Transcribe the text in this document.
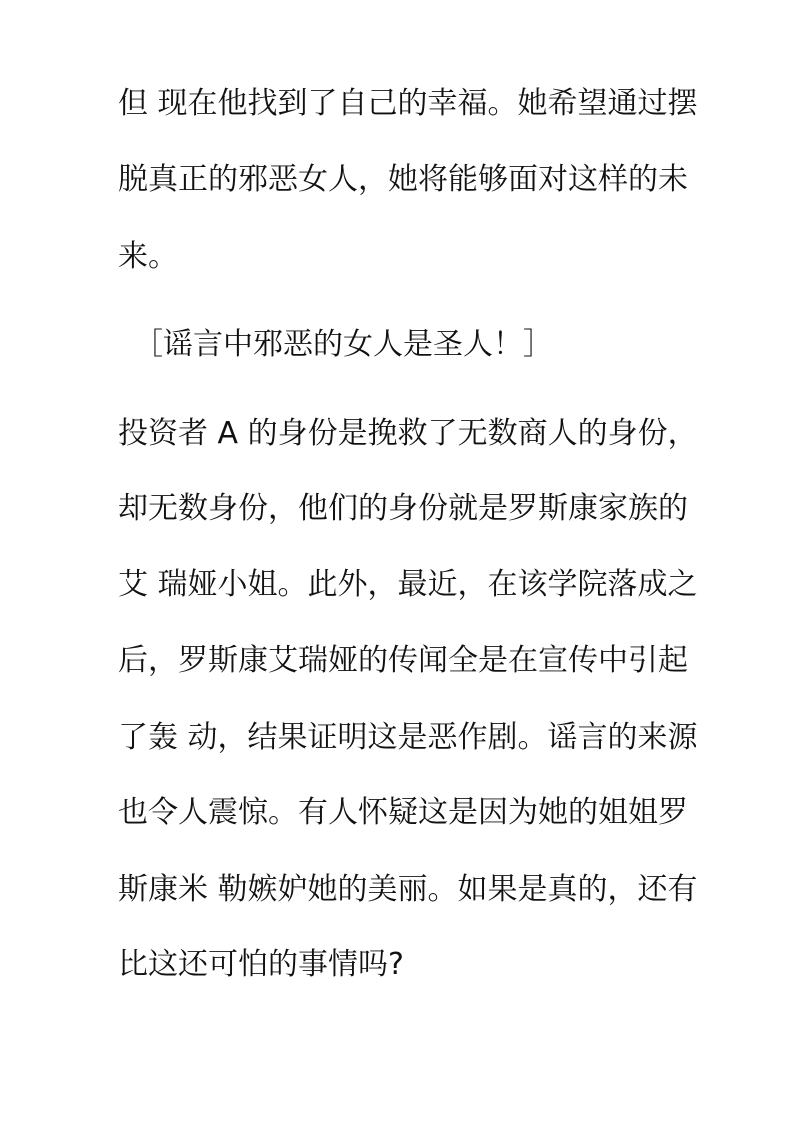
但 现在他找到了自己的幸福。她希望通过摆
脱真正的邪恶女人，她将能够面对这样的未
来。
［谣言中邪恶的女人是圣人！］
投资者 A 的身份是挽救了无数商人的身份，
却无数身份，他们的身份就是罗斯康家族的
艾 瑞娅小姐。此外，最近，在该学院落成之
后，罗斯康艾瑞娅的传闻全是在宣传中引起
了轰 动，结果证明这是恶作剧。谣言的来源
也令人震惊。有人怀疑这是因为她的姐姐罗
斯康米 勒嫉妒她的美丽。如果是真的，还有
比这还可怕的事情吗?
